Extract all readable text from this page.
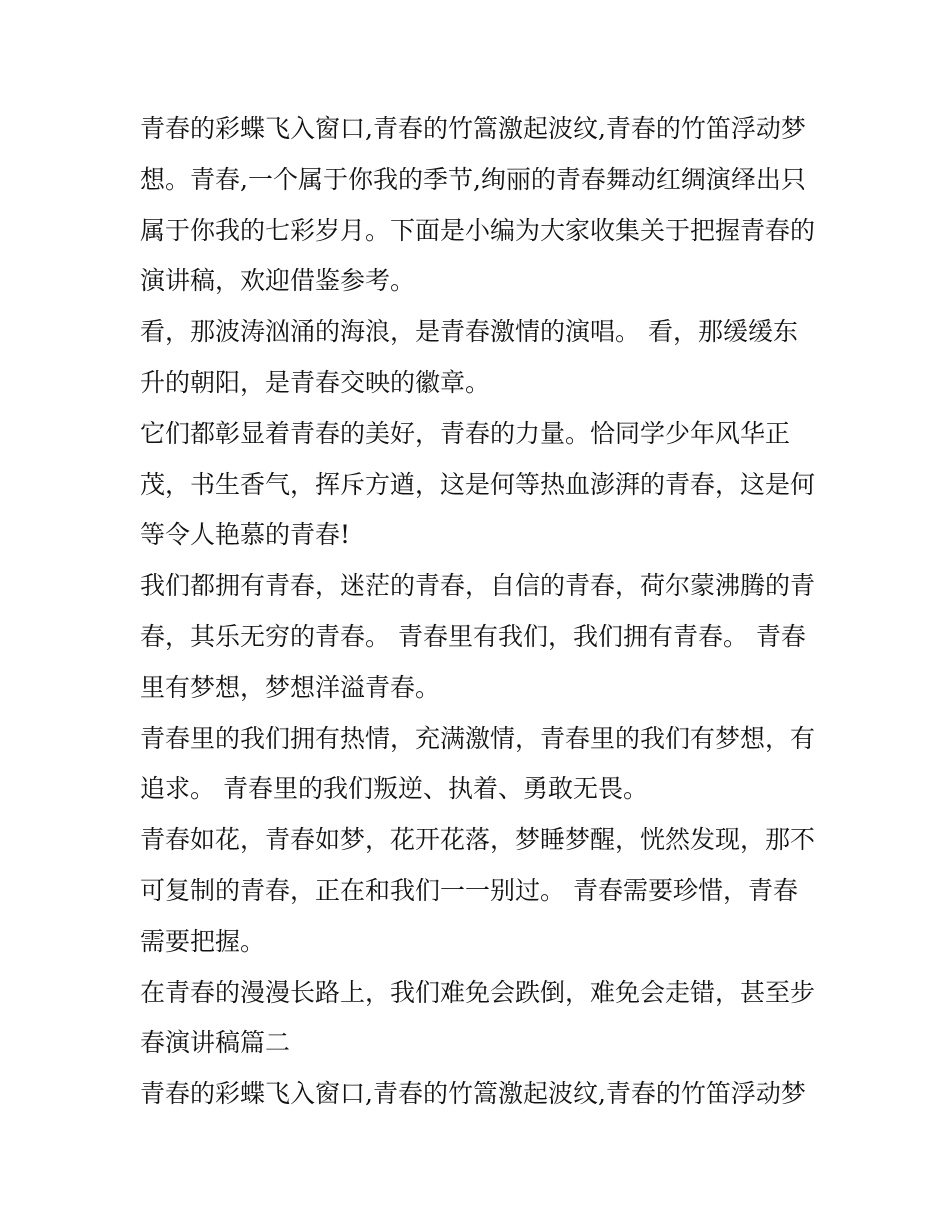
青春的彩蝶飞入窗口,青春的竹篙激起波纹,青春的竹笛浮动梦
想。青春,一个属于你我的季节,绚丽的青春舞动红绸演绎出只
属于你我的七彩岁月。下面是小编为大家收集关于把握青春的
演讲稿，欢迎借鉴参考。
看，那波涛汹涌的海浪，是青春激情的演唱。 看，那缓缓东
升的朝阳，是青春交映的徽章。
它们都彰显着青春的美好，青春的力量。恰同学少年风华正
茂，书生香气，挥斥方遒，这是何等热血澎湃的青春，这是何
等令人艳慕的青春!
我们都拥有青春，迷茫的青春，自信的青春，荷尔蒙沸腾的青
春，其乐无穷的青春。 青春里有我们，我们拥有青春。 青春
里有梦想，梦想洋溢青春。
青春里的我们拥有热情，充满激情，青春里的我们有梦想，有
追求。 青春里的我们叛逆、执着、勇敢无畏。
青春如花，青春如梦，花开花落，梦睡梦醒，恍然发现，那不
可复制的青春，正在和我们一一别过。 青春需要珍惜，青春
需要把握。
在青春的漫漫长路上，我们难免会跌倒，难免会走错，甚至步
春演讲稿篇二
青春的彩蝶飞入窗口,青春的竹篙激起波纹,青春的竹笛浮动梦
